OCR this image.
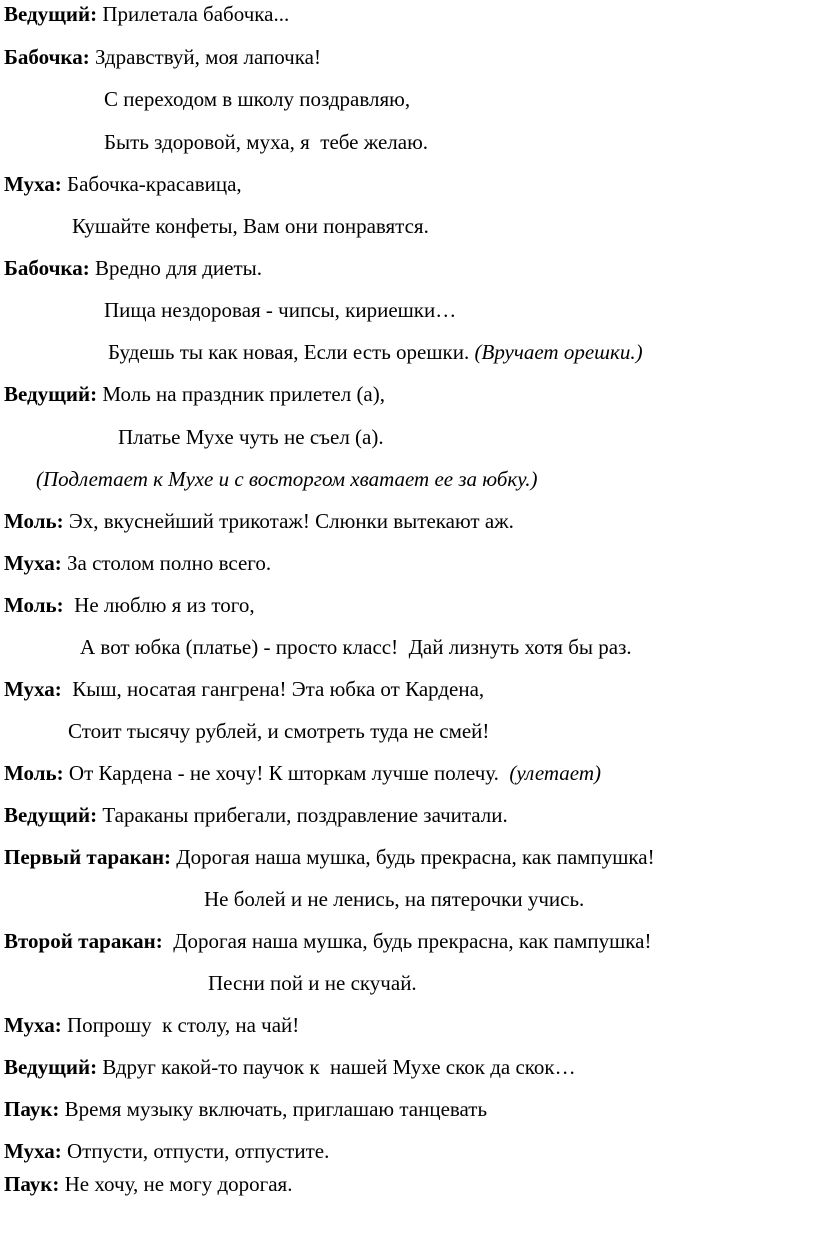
Ведущий: Прилетала бабочка...
Бабочка: Здравствуй, моя лапочка!
С переходом в школу поздравляю,
Быть здоровой, муха, я  тебе желаю.
Муха: Бабочка-красавица,
Кушайте конфеты, Вам они понравятся.
Бабочка: Вредно для диеты.
Пища нездоровая - чипсы, кириешки…
Будешь ты как новая, Если есть орешки. (Вручает орешки.)
Ведущий: Моль на праздник прилетел (а),
Платье Мухе чуть не съел (а).
(Подлетает к Мухе и с восторгом хватает ее за юбку.)
Моль: Эх, вкуснейший трикотаж! Слюнки вытекают аж.
Муха: За столом полно всего.
Моль:  Не люблю я из того,
А вот юбка (платье) - просто класс!  Дай лизнуть хотя бы раз.
Муха:  Кыш, носатая гангрена! Эта юбка от Кардена,
Стоит тысячу рублей, и смотреть туда не смей!
Моль: От Кардена - не хочу! К шторкам лучше полечу.  (улетает)
Ведущий: Тараканы прибегали, поздравление зачитали.
Первый таракан: Дорогая наша мушка, будь прекрасна, как пампушка!
Не болей и не ленись, на пятерочки учись.
Второй таракан:  Дорогая наша мушка, будь прекрасна, как пампушка!
Песни пой и не скучай.
Муха: Попрошу  к столу, на чай!
Ведущий: Вдруг какой-то паучок к  нашей Мухе скок да скок…
Паук: Время музыку включать, приглашаю танцевать
Муха: Отпусти, отпусти, отпустите.
Паук: Не хочу, не могу дорогая.
